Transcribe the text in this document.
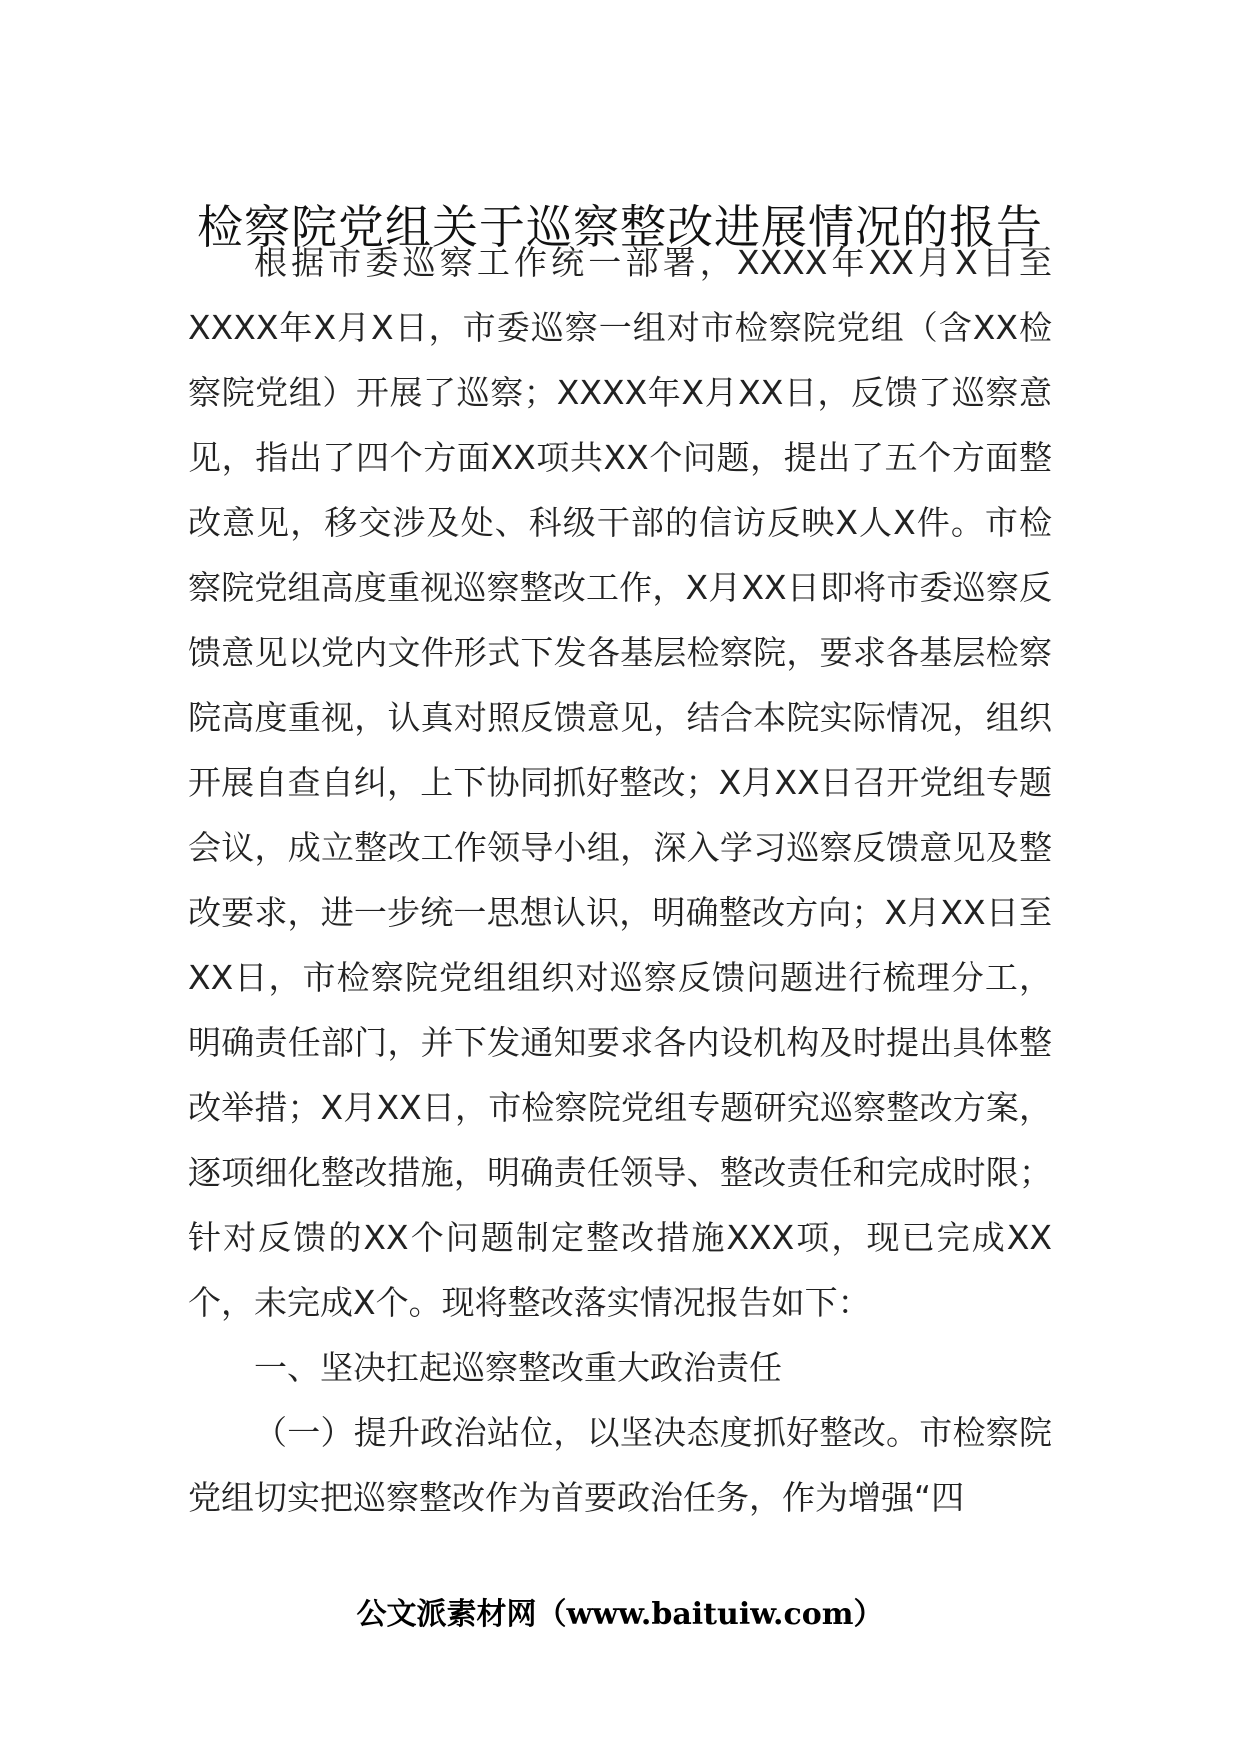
检察院党组关于巡察整改进展情况的报告

根据市委巡察工作统一部署，XXXX年XX月X日至XXXX年X月X日，市委巡察一组对市检察院党组（含XX检察院党组）开展了巡察；XXXX年X月XX日，反馈了巡察意见，指出了四个方面XX项共XX个问题，提出了五个方面整改意见，移交涉及处、科级干部的信访反映X人X件。市检察院党组高度重视巡察整改工作，X月XX日即将市委巡察反馈意见以党内文件形式下发各基层检察院，要求各基层检察院高度重视，认真对照反馈意见，结合本院实际情况，组织开展自查自纠，上下协同抓好整改；X月XX日召开党组专题会议，成立整改工作领导小组，深入学习巡察反馈意见及整改要求，进一步统一思想认识，明确整改方向；X月XX日至XX日，市检察院党组组织对巡察反馈问题进行梳理分工，明确责任部门，并下发通知要求各内设机构及时提出具体整改举措；X月XX日，市检察院党组专题研究巡察整改方案，逐项细化整改措施，明确责任领导、整改责任和完成时限；针对反馈的XX个问题制定整改措施XXX项，现已完成XX个，未完成X个。现将整改落实情况报告如下：

一、坚决扛起巡察整改重大政治责任

（一）提升政治站位，以坚决态度抓好整改。市检察院党组切实把巡察整改作为首要政治任务，作为增强“四

公文派素材网（www.baituiw.com）
